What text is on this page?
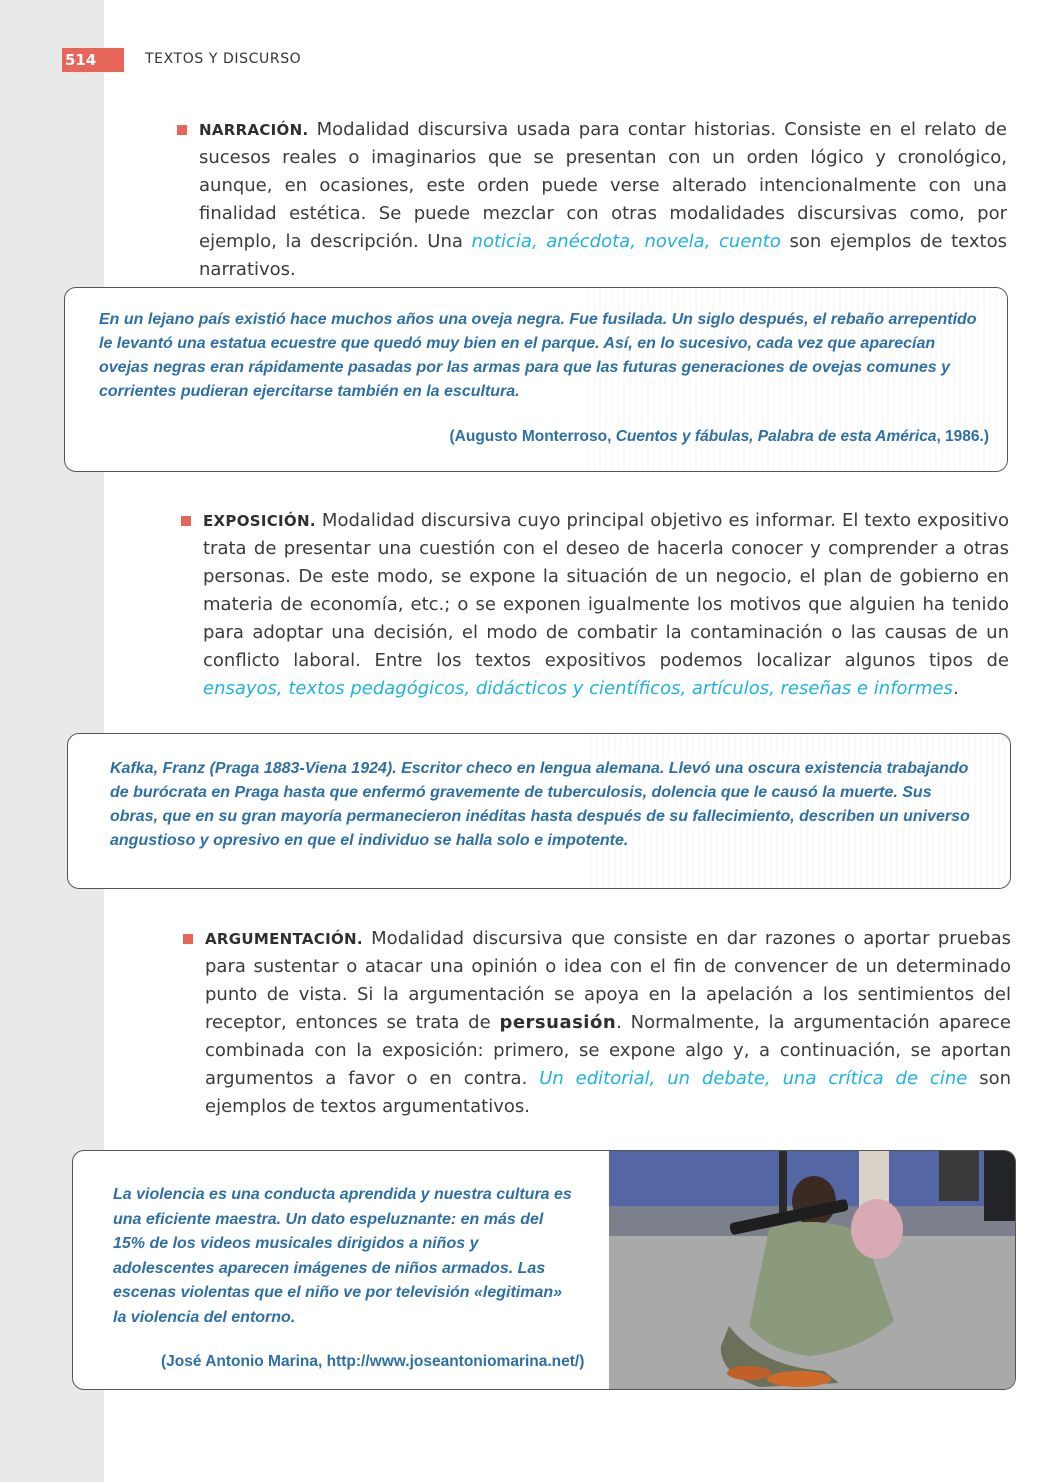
514	TEXTOS Y DISCURSO
NARRACIÓN. Modalidad discursiva usada para contar historias. Consiste en el relato de sucesos reales o imaginarios que se presentan con un orden lógico y cronológico, aunque, en ocasiones, este orden puede verse alterado intencionalmente con una finalidad estética. Se puede mezclar con otras modalidades discursivas como, por ejemplo, la descripción. Una noticia, anécdota, novela, cuento son ejemplos de textos narrativos.
En un lejano país existió hace muchos años una oveja negra. Fue fusilada. Un siglo después, el rebaño arrepentido le levantó una estatua ecuestre que quedó muy bien en el parque. Así, en lo sucesivo, cada vez que aparecían ovejas negras eran rápidamente pasadas por las armas para que las futuras generaciones de ovejas comunes y corrientes pudieran ejercitarse también en la escultura.
(Augusto Monterroso, Cuentos y fábulas, Palabra de esta América, 1986.)
EXPOSICIÓN. Modalidad discursiva cuyo principal objetivo es informar. El texto expositivo trata de presentar una cuestión con el deseo de hacerla conocer y comprender a otras personas. De este modo, se expone la situación de un negocio, el plan de gobierno en materia de economía, etc.; o se exponen igualmente los motivos que alguien ha tenido para adoptar una decisión, el modo de combatir la contaminación o las causas de un conflicto laboral. Entre los textos expositivos podemos localizar algunos tipos de ensayos, textos pedagógicos, didácticos y científicos, artículos, reseñas e informes.
Kafka, Franz (Praga 1883-Viena 1924). Escritor checo en lengua alemana. Llevó una oscura existencia trabajando de burócrata en Praga hasta que enfermó gravemente de tuberculosis, dolencia que le causó la muerte. Sus obras, que en su gran mayoría permanecieron inéditas hasta después de su fallecimiento, describen un universo angustioso y opresivo en que el individuo se halla solo e impotente.
ARGUMENTACIÓN. Modalidad discursiva que consiste en dar razones o aportar pruebas para sustentar o atacar una opinión o idea con el fin de convencer de un determinado punto de vista. Si la argumentación se apoya en la apelación a los sentimientos del receptor, entonces se trata de persuasión. Normalmente, la argumentación aparece combinada con la exposición: primero, se expone algo y, a continuación, se aportan argumentos a favor o en contra. Un editorial, un debate, una crítica de cine son ejemplos de textos argumentativos.
La violencia es una conducta aprendida y nuestra cultura es una eficiente maestra. Un dato espeluznante: en más del 15% de los videos musicales dirigidos a niños y adolescentes aparecen imágenes de niños armados. Las escenas violentas que el niño ve por televisión «legitiman» la violencia del entorno.
(José Antonio Marina, http://www.joseantoniomarina.net/)
